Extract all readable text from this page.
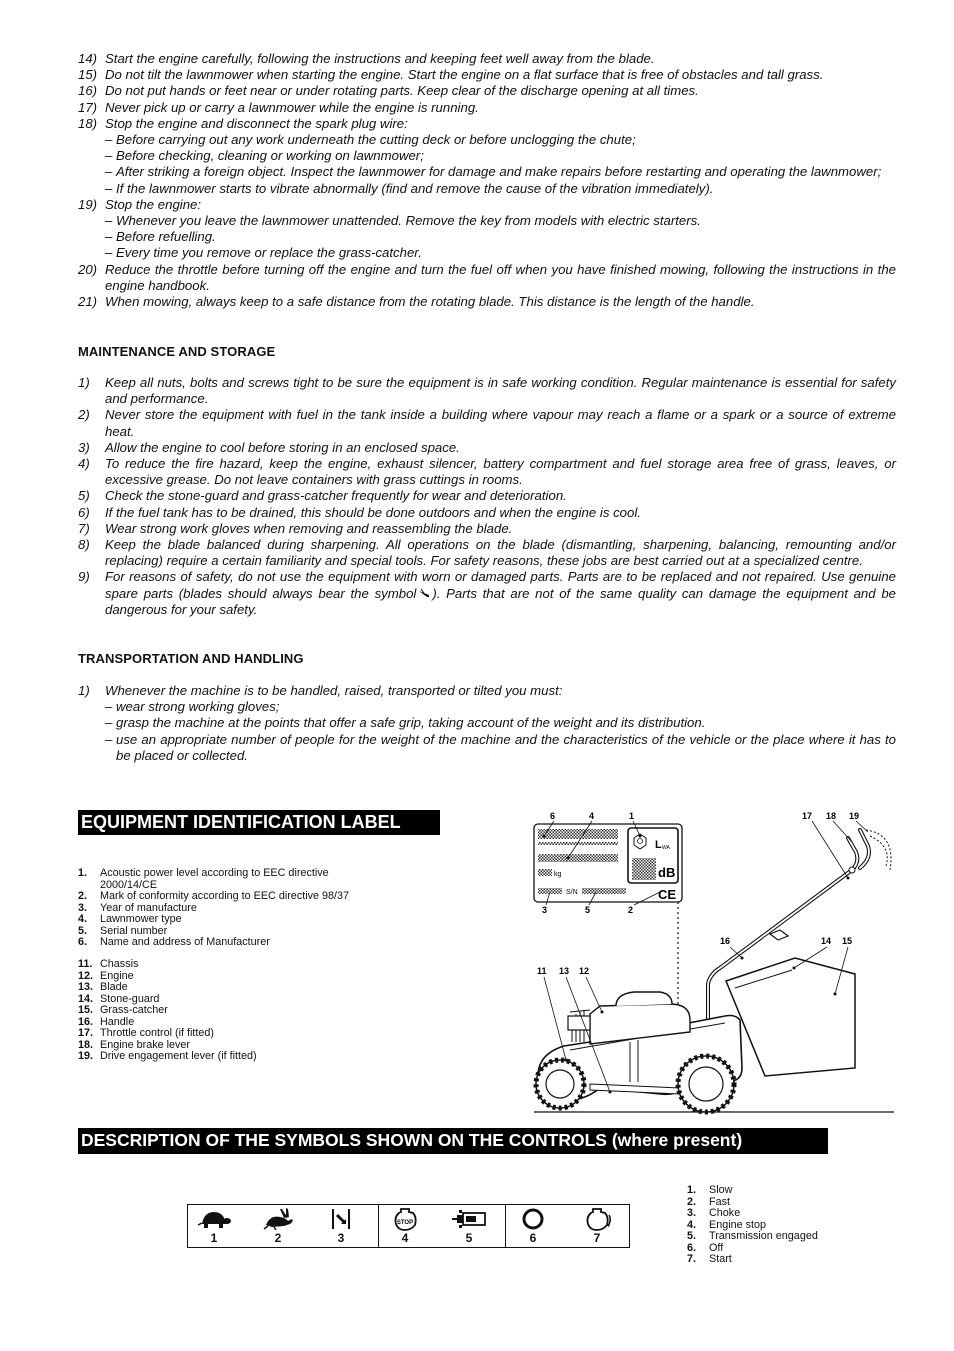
14) Start the engine carefully, following the instructions and keeping feet well away from the blade.
15) Do not tilt the lawnmower when starting the engine. Start the engine on a flat surface that is free of obstacles and tall grass.
16) Do not put hands or feet near or under rotating parts. Keep clear of the discharge opening at all times.
17) Never pick up or carry a lawnmower while the engine is running.
18) Stop the engine and disconnect the spark plug wire:
– Before carrying out any work underneath the cutting deck or before unclogging the chute;
– Before checking, cleaning or working on lawnmower;
– After striking a foreign object. Inspect the lawnmower for damage and make repairs before restarting and operating the lawnmower;
– If the lawnmower starts to vibrate abnormally (find and remove the cause of the vibration immediately).
19) Stop the engine:
– Whenever you leave the lawnmower unattended. Remove the key from models with electric starters.
– Before refuelling.
– Every time you remove or replace the grass-catcher.
20) Reduce the throttle before turning off the engine and turn the fuel off when you have finished mowing, following the instructions in the engine handbook.
21) When mowing, always keep to a safe distance from the rotating blade. This distance is the length of the handle.
MAINTENANCE AND STORAGE
1) Keep all nuts, bolts and screws tight to be sure the equipment is in safe working condition. Regular maintenance is essential for safety and performance.
2) Never store the equipment with fuel in the tank inside a building where vapour may reach a flame or a spark or a source of extreme heat.
3) Allow the engine to cool before storing in an enclosed space.
4) To reduce the fire hazard, keep the engine, exhaust silencer, battery compartment and fuel storage area free of grass, leaves, or excessive grease. Do not leave containers with grass cuttings in rooms.
5) Check the stone-guard and grass-catcher frequently for wear and deterioration.
6) If the fuel tank has to be drained, this should be done outdoors and when the engine is cool.
7) Wear strong work gloves when removing and reassembling the blade.
8) Keep the blade balanced during sharpening. All operations on the blade (dismantling, sharpening, balancing, remounting and/or replacing) require a certain familiarity and special tools. For safety reasons, these jobs are best carried out at a specialized centre.
9) For reasons of safety, do not use the equipment with worn or damaged parts. Parts are to be replaced and not repaired. Use genuine spare parts (blades should always bear the symbol ). Parts that are not of the same quality can damage the equipment and be dangerous for your safety.
TRANSPORTATION AND HANDLING
1) Whenever the machine is to be handled, raised, transported or tilted you must:
– wear strong working gloves;
– grasp the machine at the points that offer a safe grip, taking account of the weight and its distribution.
– use an appropriate number of people for the weight of the machine and the characteristics of the vehicle or the place where it has to be placed or collected.
EQUIPMENT IDENTIFICATION LABEL
1. Acoustic power level according to EEC directive 2000/14/CE
2. Mark of conformity according to EEC directive 98/37
3. Year of manufacture
4. Lawnmower type
5. Serial number
6. Name and address of Manufacturer
11. Chassis
12. Engine
13. Blade
14. Stone-guard
15. Grass-catcher
16. Handle
17. Throttle control (if fitted)
18. Engine brake lever
19. Drive engagement lever (if fitted)
kg
S/N
L WA
dB
CE
6	4	1
3	5	2
17 18 19
16	14 15
11 13 12
DESCRIPTION OF THE SYMBOLS SHOWN ON THE CONTROLS (where present)
1	2	3
STOP
4	5	6	7
1. Slow
2. Fast
3. Choke
4. Engine stop
5. Transmission engaged
6. Off
7. Start
